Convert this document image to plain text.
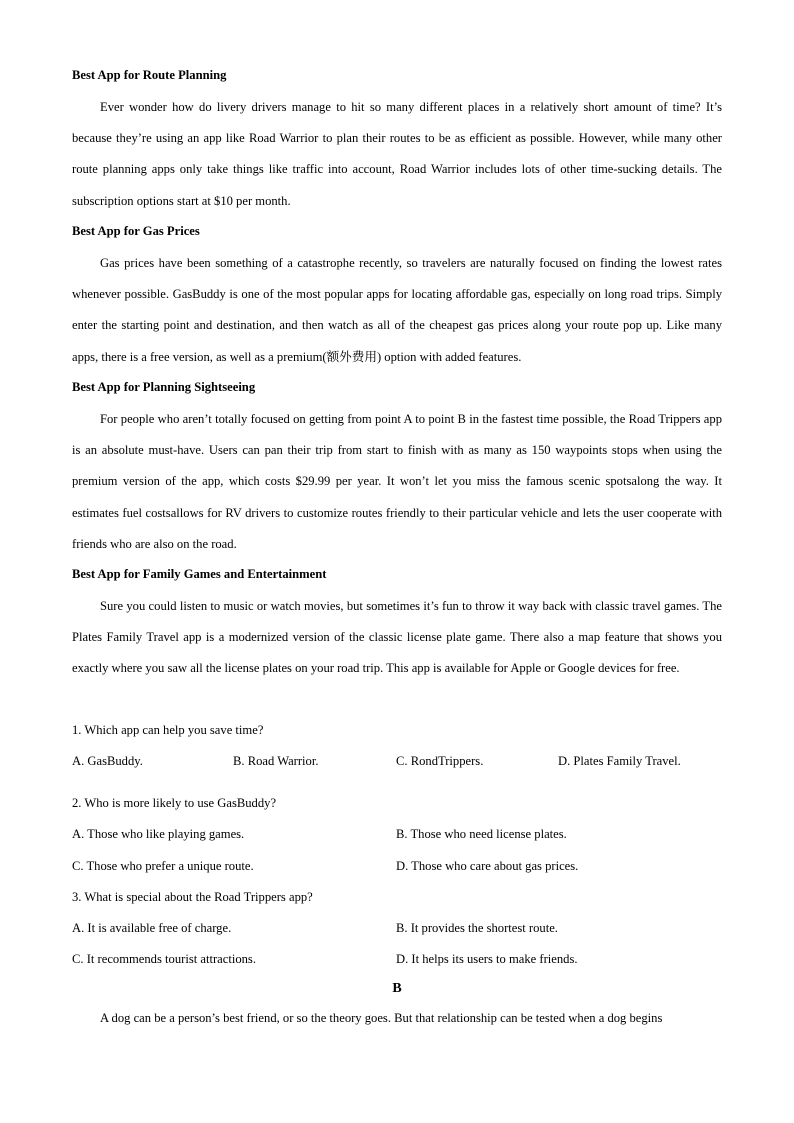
Best App for Route Planning
Ever wonder how do livery drivers manage to hit so many different places in a relatively short amount of time? It’s because they’re using an app like Road Warrior to plan their routes to be as efficient as possible. However, while many other route planning apps only take things like traffic into account, Road Warrior includes lots of other time-sucking details. The subscription options start at $10 per month.
Best App for Gas Prices
Gas prices have been something of a catastrophe recently, so travelers are naturally focused on finding the lowest rates whenever possible. GasBuddy is one of the most popular apps for locating affordable gas, especially on long road trips. Simply enter the starting point and destination, and then watch as all of the cheapest gas prices along your route pop up. Like many apps, there is a free version, as well as a premium(额外费用) option with added features.
Best App for Planning Sightseeing
For people who aren’t totally focused on getting from point A to point B in the fastest time possible, the Road Trippers app is an absolute must-have. Users can pan their trip from start to finish with as many as 150 waypoints stops when using the premium version of the app, which costs $29.99 per year. It won’t let you miss the famous scenic spotsalong the way. It estimates fuel costsallows for RV drivers to customize routes friendly to their particular vehicle and lets the user cooperate with friends who are also on the road.
Best App for Family Games and Entertainment
Sure you could listen to music or watch movies, but sometimes it’s fun to throw it way back with classic travel games. The Plates Family Travel app is a modernized version of the classic license plate game. There also a map feature that shows you exactly where you saw all the license plates on your road trip. This app is available for Apple or Google devices for free.
1. Which app can help you save time?
A. GasBuddy.	B. Road Warrior.	C. RondTrippers.	D. Plates Family Travel.
2. Who is more likely to use GasBuddy?
A. Those who like playing games.	B. Those who need license plates.
C. Those who prefer a unique route.	D. Those who care about gas prices.
3. What is special about the Road Trippers app?
A. It is available free of charge.	B. It provides the shortest route.
C. It recommends tourist attractions.	D. It helps its users to make friends.
B
A dog can be a person’s best friend, or so the theory goes. But that relationship can be tested when a dog begins
